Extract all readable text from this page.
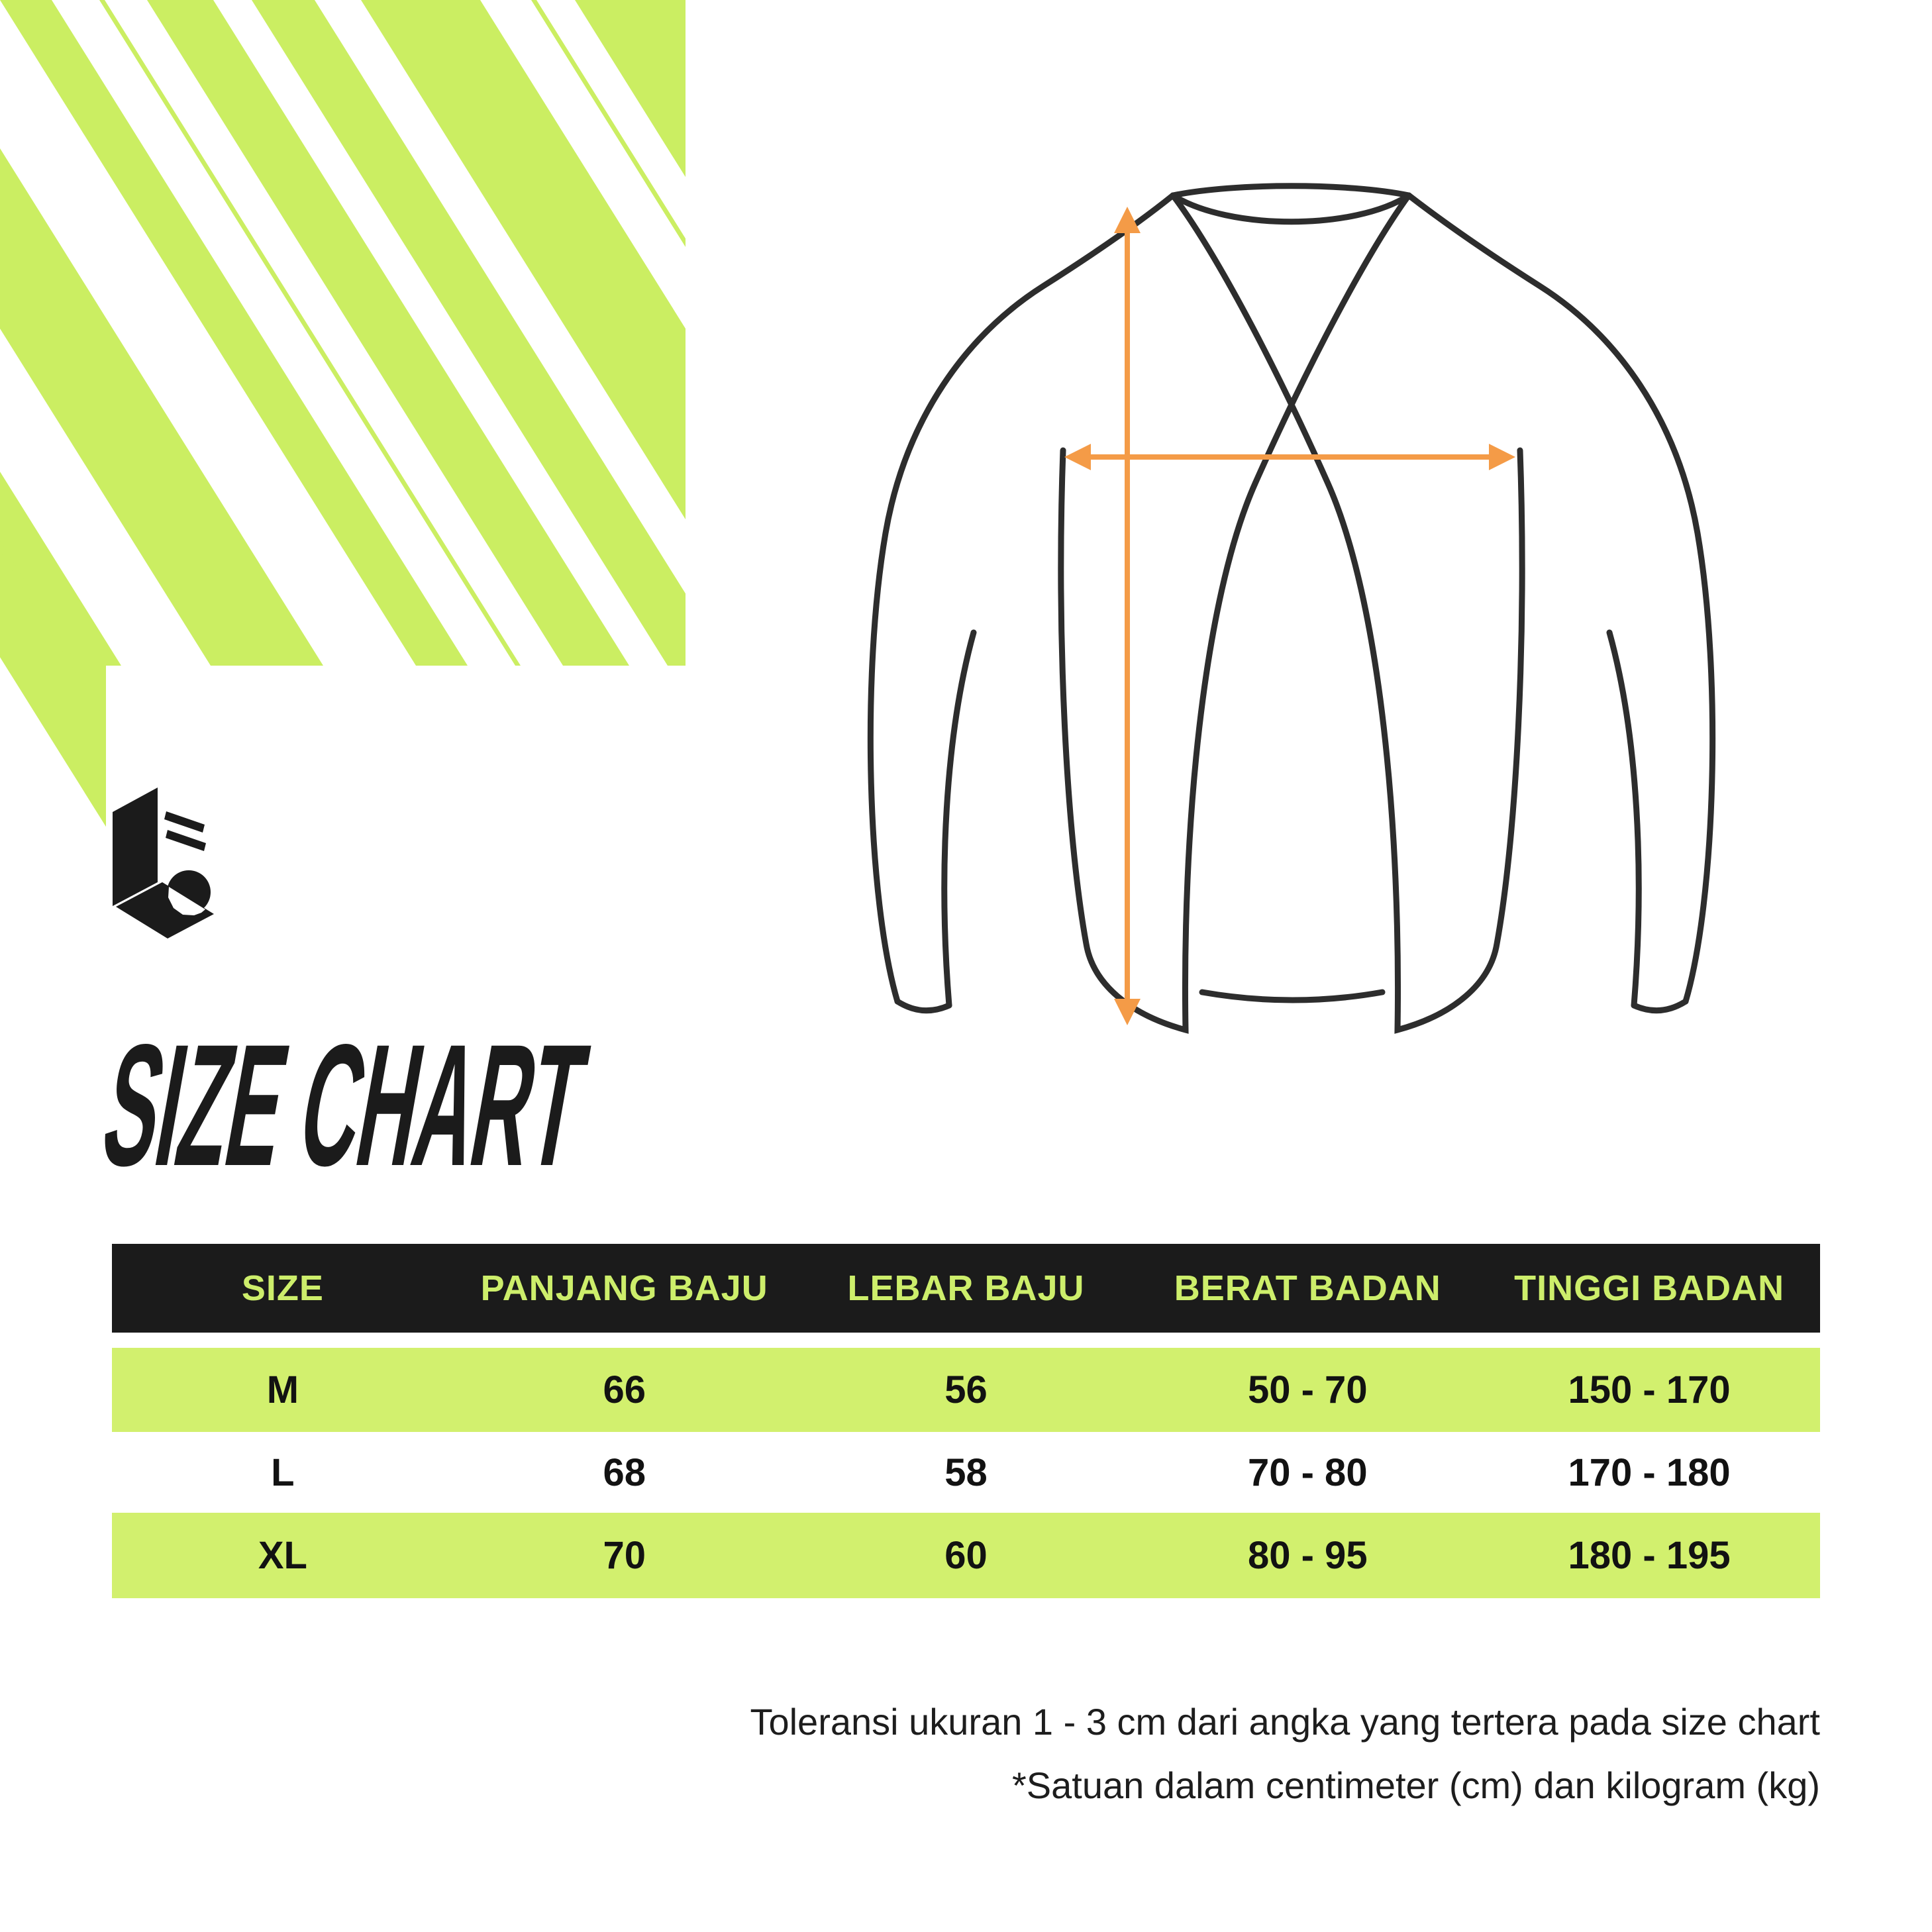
SIZE CHART
SIZE	PANJANG BAJU	LEBAR BAJU	BERAT BADAN	TINGGI BADAN
M	66	56	50 - 70	150 - 170
L	68	58	70 - 80	170 - 180
XL	70	60	80 - 95	180 - 195
Toleransi ukuran 1 - 3 cm dari angka yang tertera pada size chart
*Satuan dalam centimeter (cm) dan kilogram (kg)
